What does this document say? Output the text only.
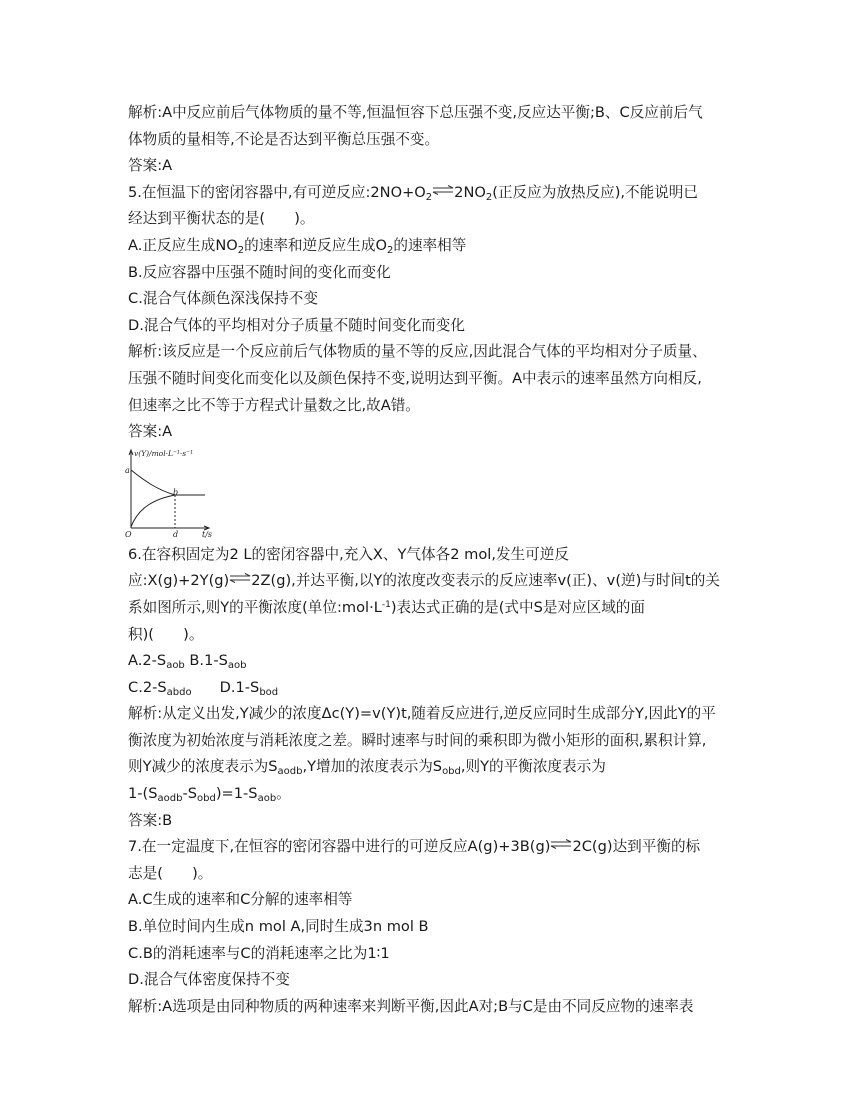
解析:A中反应前后气体物质的量不等,恒温恒容下总压强不变,反应达平衡;B、C反应前后气
体物质的量相等,不论是否达到平衡总压强不变。
答案:A
5.在恒温下的密闭容器中,有可逆反应$:2NO+O_2$ $\rightleftharpoons 2NO_2$(正反应为放热反应),不能说明已
经达到平衡状态的是(　　)。
A.正反应生成$NO_2$的速率和逆反应生成$O_2$的速率相等
B.反应容器中压强不随时间的变化而变化
C.混合气体颜色深浅保持不变
D.混合气体的平均相对分子质量不随时间变化而变化
解析:该反应是一个反应前后气体物质的量不等的反应,因此混合气体的平均相对分子质量、
压强不随时间变化而变化以及颜色保持不变,说明达到平衡。A中表示的速率虽然方向相反,
但速率之比不等于方程式计量数之比,故A错。
答案:A
v(Y)/mol·L⁻¹·s⁻¹
a
b
O	d	t/s
6.在容积固定为2 L的密闭容器中,充入X、Y气体各2 mol,发生可逆反
应:X(g)+2Y(g)⇌2Z(g),并达平衡,以Y的浓度改变表示的反应速率v(正)、v(逆)与时间t的关
系如图所示,则Y的平衡浓度(单位$:mol\cdot L^{-1}$)表达式正确的是(式中S是对应区域的面
积)(　　)。
$A.2-S_{aob}$ $B.1-S_{aob}$
$C.2-S_{abdo}$ $D.1-S_{bod}$
解析:从定义出发,Y减少的浓度Δc(Y)=v(Y)t,随着反应进行,逆反应同时生成部分Y,因此Y的平
衡浓度为初始浓度与消耗浓度之差。瞬时速率与时间的乘积即为微小矩形的面积,累积计算,
则Y减少的浓度表示为$S_{aodb},Y$增加的浓度表示为$S_{obd}$,则Y的平衡浓度表示为
$1-(S_{aodb}-S_{obd})=1-S_{aob}$。
答案:B
7.在一定温度下,在恒容的密闭容器中进行的可逆反应A(g)+3B(g)⇌2C(g)达到平衡的标
志是(　　)。
A.C生成的速率和C分解的速率相等
B.单位时间内生成n mol A,同时生成3n mol B
C.B的消耗速率与C的消耗速率之比为1∶1
D.混合气体密度保持不变
解析:A选项是由同种物质的两种速率来判断平衡,因此A对;B与C是由不同反应物的速率表
